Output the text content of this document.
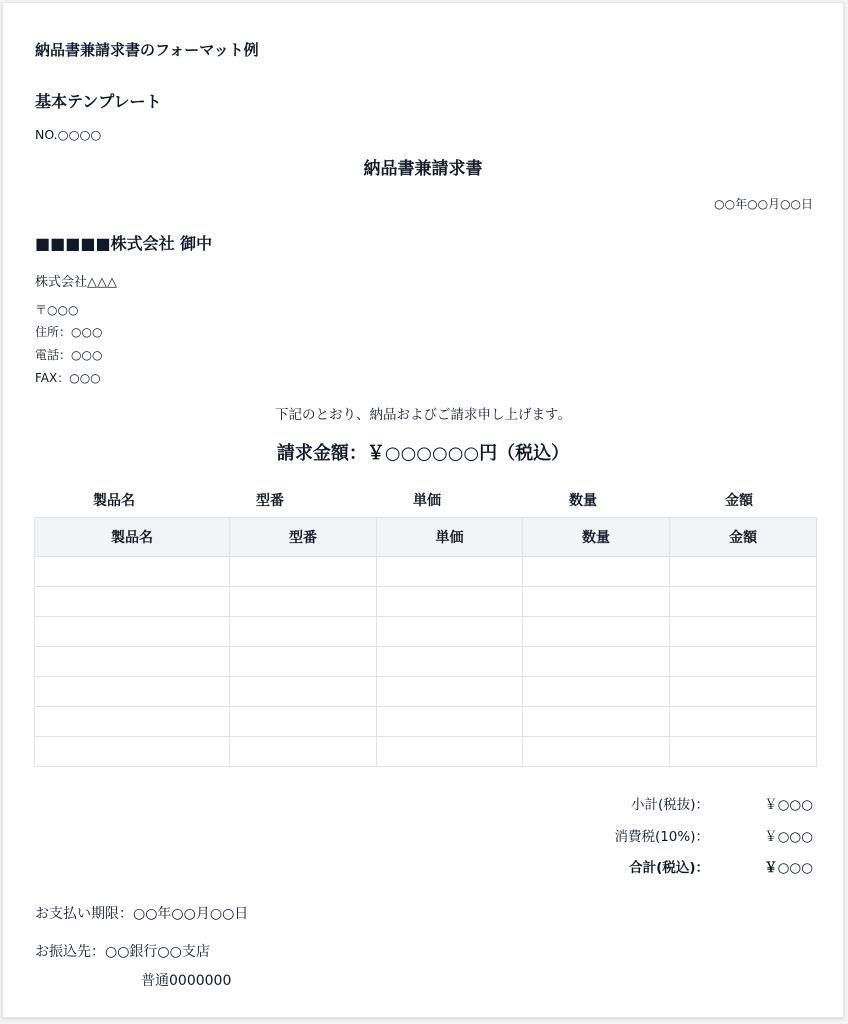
納品書兼請求書のフォーマット例
基本テンプレート
NO.○○○○
納品書兼請求書
○○年○○月○○日
■■■■■株式会社 御中
株式会社△△△
〒○○○
住所：○○○
電話：○○○
FAX：○○○
下記のとおり、納品およびご請求申し上げます。
請求金額：￥○○○○○○円（税込）
製品名	型番	単価	数量	金額
製品名	型番	単価	数量	金額

小計(税抜)：	￥○○○
消費税(10%)：	￥○○○
合計(税込)：	￥○○○
お支払い期限：○○年○○月○○日
お振込先：○○銀行○○支店
普通0000000
